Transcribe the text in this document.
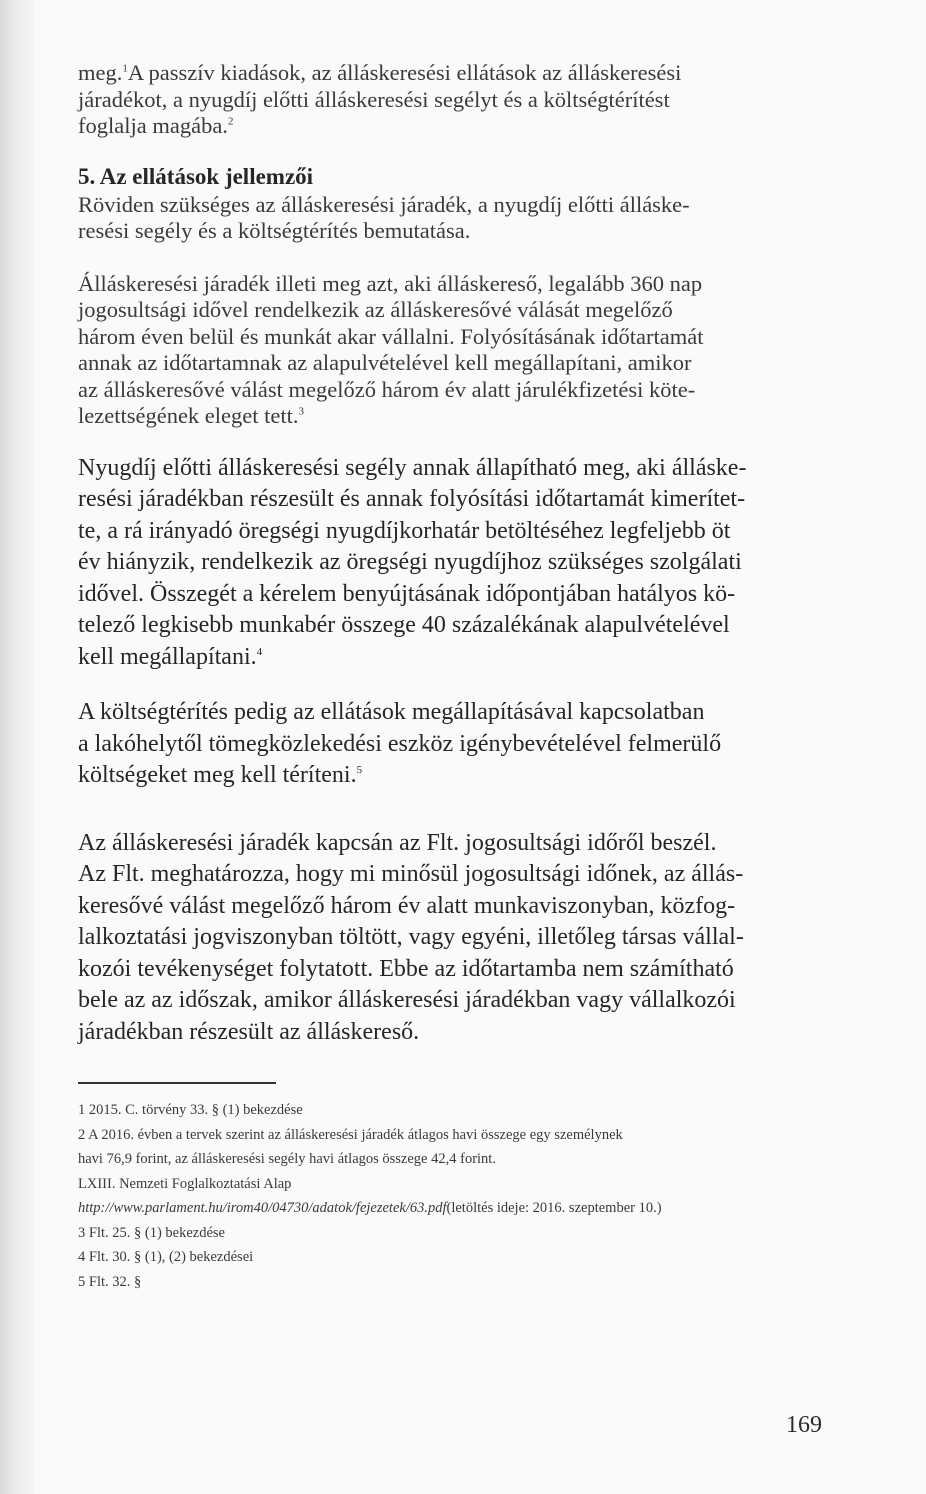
meg.$^1$A passzív kiadások, az álláskeresési ellátások az álláskeresési
járadékot, a nyugdíj előtti álláskeresési segélyt és a költségtérítést
foglalja magába.$^2$
5. Az ellátások jellemzői
Röviden szükséges az álláskeresési járadék, a nyugdíj előtti álláske-
resési segély és a költségtérítés bemutatása.
Álláskeresési járadék illeti meg azt, aki álláskereső, legalább 360 nap
jogosultsági idővel rendelkezik az álláskeresővé válását megelőző
három éven belül és munkát akar vállalni. Folyósításának időtartamát
annak az időtartamnak az alapulvételével kell megállapítani, amikor
az álláskeresővé válást megelőző három év alatt járulékfizetési köte-
lezettségének eleget tett.$^3$
Nyugdíj előtti álláskeresési segély annak állapítható meg, aki álláske-
resési járadékban részesült és annak folyósítási időtartamát kimerítet-
te, a rá irányadó öregségi nyugdíjkorhatár betöltéséhez legfeljebb öt
év hiányzik, rendelkezik az öregségi nyugdíjhoz szükséges szolgálati
idővel. Összegét a kérelem benyújtásának időpontjában hatályos kö-
telező legkisebb munkabér összege 40 százalékának alapulvételével
kell megállapítani.$^4$
A költségtérítés pedig az ellátások megállapításával kapcsolatban
a lakóhelytől tömegközlekedési eszköz igénybevételével felmerülő
költségeket meg kell téríteni.$^5$
Az álláskeresési járadék kapcsán az Flt. jogosultsági időről beszél.
Az Flt. meghatározza, hogy mi minősül jogosultsági időnek, az állás-
keresővé válást megelőző három év alatt munkaviszonyban, közfog-
lalkoztatási jogviszonyban töltött, vagy egyéni, illetőleg társas vállal-
kozói tevékenységet folytatott. Ebbe az időtartamba nem számítható
bele az az időszak, amikor álláskeresési járadékban vagy vállalkozói
járadékban részesült az álláskereső.
1 2015. C. törvény 33. § (1) bekezdése
2 A 2016. évben a tervek szerint az álláskeresési járadék átlagos havi összege egy személynek
havi 76,9 forint, az álláskeresési segély havi átlagos összege 42,4 forint.
LXIII. Nemzeti Foglalkoztatási Alap
http://www.parlament.hu/irom40/04730/adatok/fejezetek/63.pdf(letöltés ideje: 2016. szeptember 10.)
3 Flt. 25. § (1) bekezdése
4 Flt. 30. § (1), (2) bekezdései
5 Flt. 32. §
169
